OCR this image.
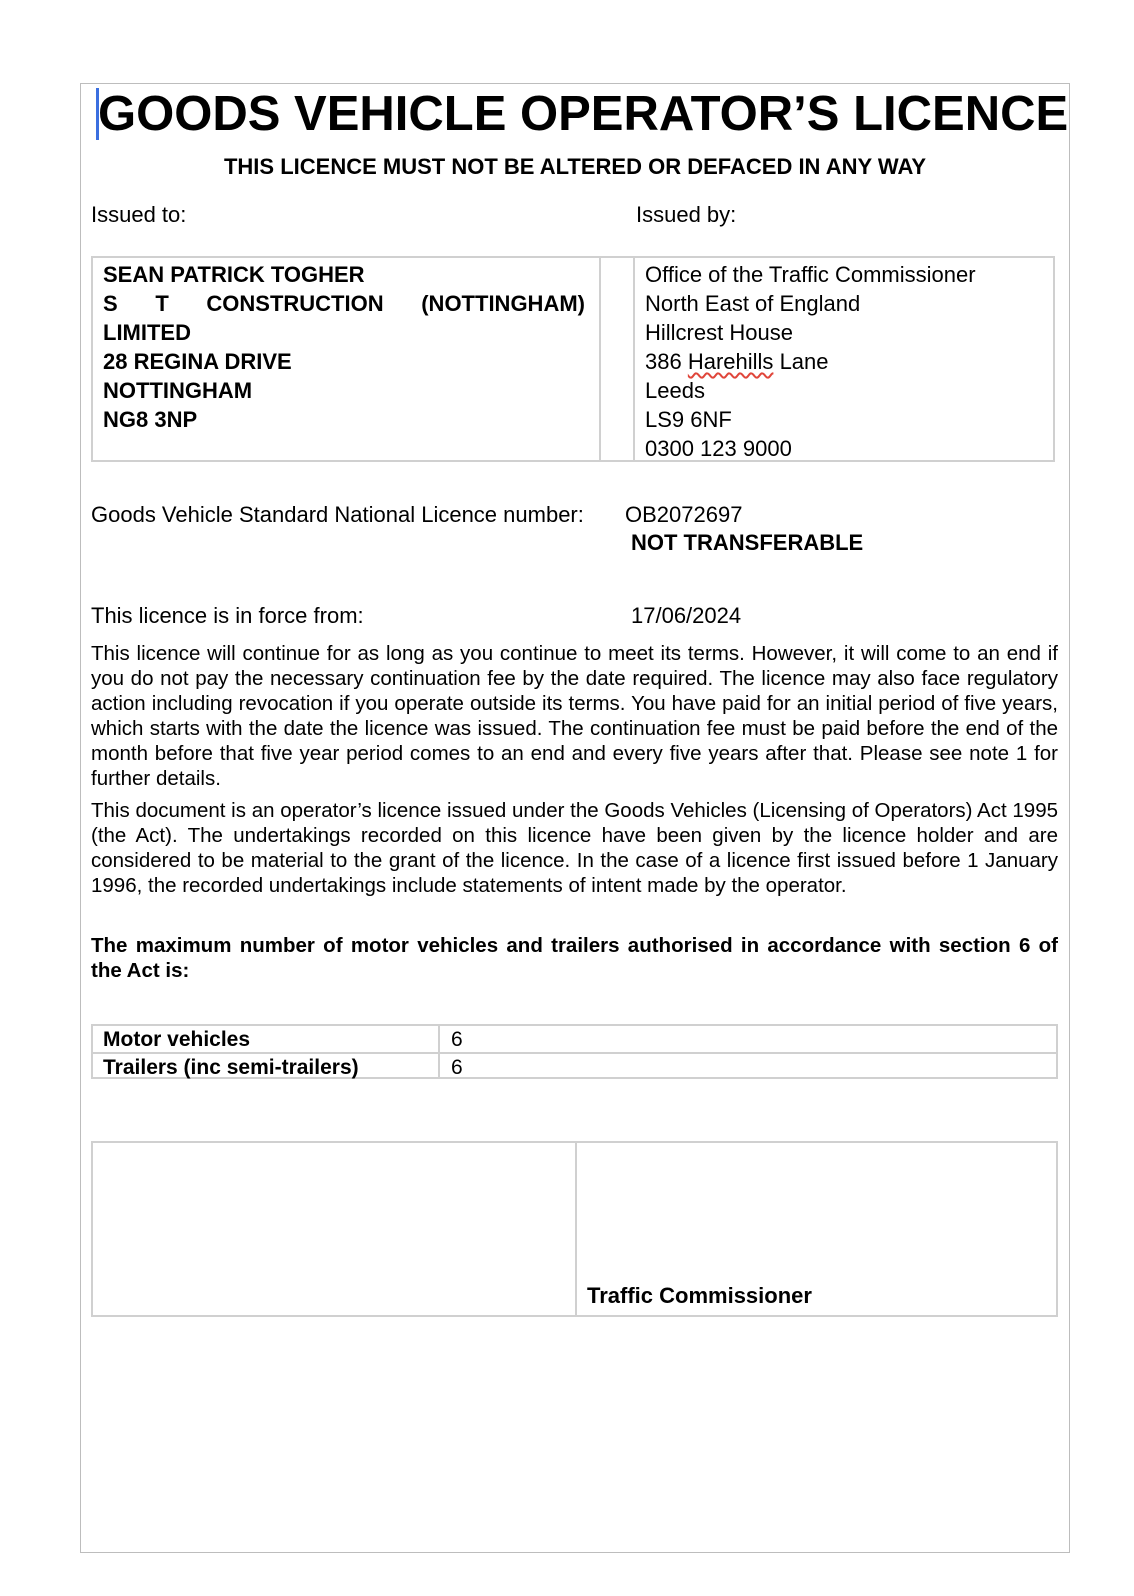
GOODS VEHICLE OPERATOR’S LICENCE
THIS LICENCE MUST NOT BE ALTERED OR DEFACED IN ANY WAY
Issued to:	Issued by:
SEAN PATRICK TOGHER
S T CONSTRUCTION (NOTTINGHAM)
LIMITED
28 REGINA DRIVE
NOTTINGHAM
NG8 3NP
Office of the Traffic Commissioner
North East of England
Hillcrest House
386 Harehills Lane
Leeds
LS9 6NF
0300 123 9000
Goods Vehicle Standard National Licence number: OB2072697
NOT TRANSFERABLE
This licence is in force from:	17/06/2024
This licence will continue for as long as you continue to meet its terms. However, it will come to an end if you do not pay the necessary continuation fee by the date required. The licence may also face regulatory action including revocation if you operate outside its terms. You have paid for an initial period of five years, which starts with the date the licence was issued. The continuation fee must be paid before the end of the month before that five year period comes to an end and every five years after that. Please see note 1 for further details.
This document is an operator’s licence issued under the Goods Vehicles (Licensing of Operators) Act 1995 (the Act). The undertakings recorded on this licence have been given by the licence holder and are considered to be material to the grant of the licence. In the case of a licence first issued before 1 January 1996, the recorded undertakings include statements of intent made by the operator.
The maximum number of motor vehicles and trailers authorised in accordance with section 6 of the Act is:
Motor vehicles	6
Trailers (inc semi-trailers)	6
Traffic Commissioner
